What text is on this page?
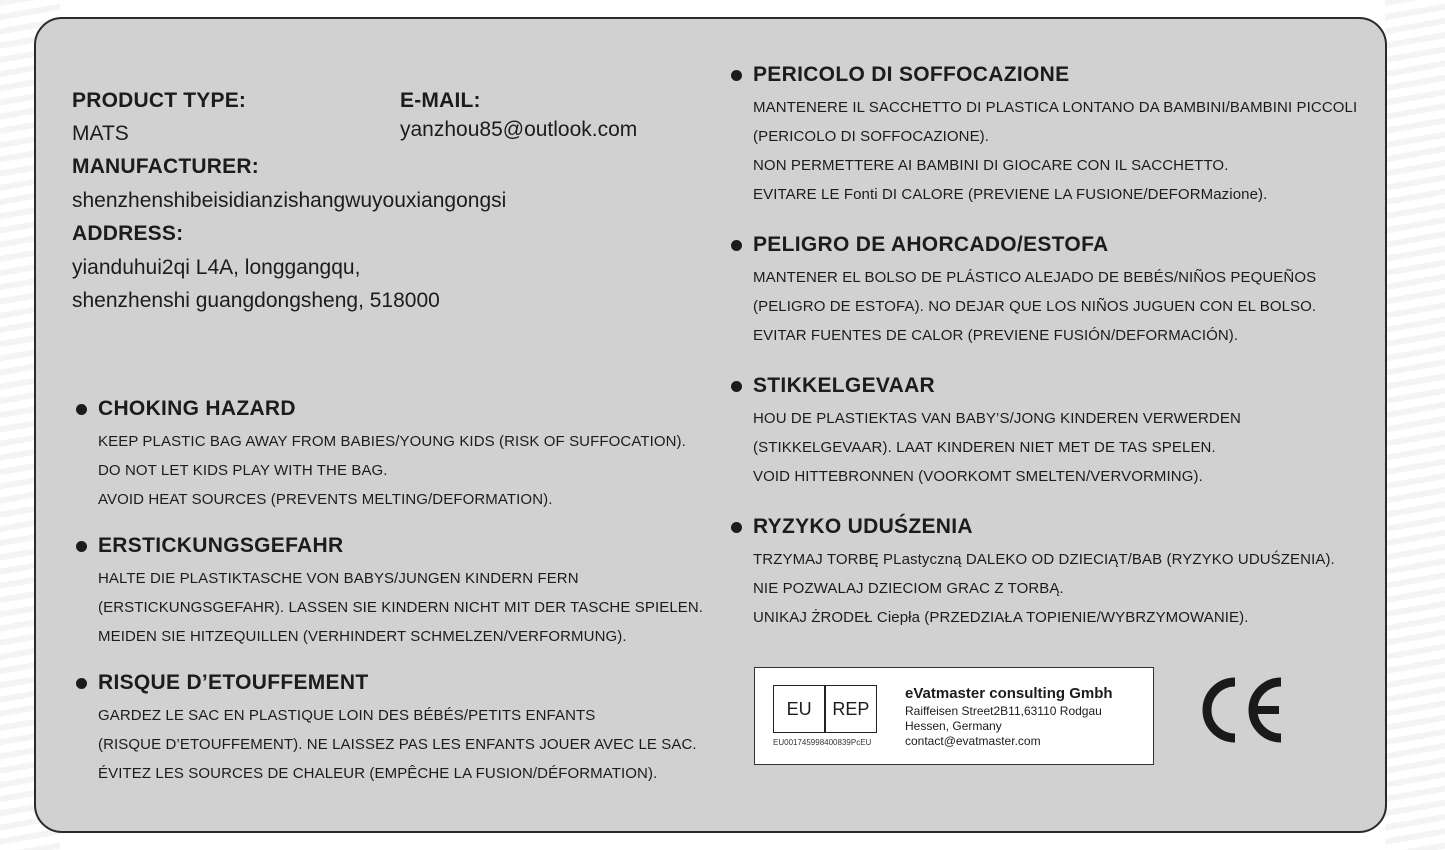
PRODUCT TYPE:
MATS
E-MAIL:
yanzhou85@outlook.com
MANUFACTURER:
shenzhenshibeisidianzishangwuyouxiangongsi
ADDRESS:
yianduhui2qi L4A, longgangqu,
shenzhenshi guangdongsheng, 518000
CHOKING HAZARD
KEEP PLASTIC BAG AWAY FROM BABIES/YOUNG KIDS (RISK OF SUFFOCATION).
DO NOT LET KIDS PLAY WITH THE BAG.
AVOID HEAT SOURCES (PREVENTS MELTING/DEFORMATION).
ERSTICKUNGSGEFAHR
HALTE DIE PLASTIKTASCHE VON BABYS/JUNGEN KINDERN FERN
(ERSTICKUNGSGEFAHR). LASSEN SIE KINDERN NICHT MIT DER TASCHE SPIELEN.
MEIDEN SIE HITZEQUILLEN (VERHINDERT SCHMELZEN/VERFORMUNG).
RISQUE D’ETOUFFEMENT
GARDEZ LE SAC EN PLASTIQUE LOIN DES BÉBÉS/PETITS ENFANTS
(RISQUE D’ETOUFFEMENT). NE LAISSEZ PAS LES ENFANTS JOUER AVEC LE SAC.
ÉVITEZ LES SOURCES DE CHALEUR (EMPÊCHE LA FUSION/DÉFORMATION).
PERICOLO DI SOFFOCAZIONE
MANTENERE IL SACCHETTO DI PLASTICA LONTANO DA BAMBINI/BAMBINI PICCOLI
(PERICOLO DI SOFFOCAZIONE).
NON PERMETTERE AI BAMBINI DI GIOCARE CON IL SACCHETTO.
EVITARE LE Fonti DI CALORE (PREVIENE LA FUSIONE/DEFORMazione).
PELIGRO DE AHORCADO/ESTOFA
MANTENER EL BOLSO DE PLÁSTICO ALEJADO DE BEBÉS/NIÑOS PEQUEÑOS
(PELIGRO DE ESTOFA). NO DEJAR QUE LOS NIÑOS JUGUEN CON EL BOLSO.
EVITAR FUENTES DE CALOR (PREVIENE FUSIÓN/DEFORMACIÓN).
STIKKELGEVAAR
HOU DE PLASTIEKTAS VAN BABY’S/JONG KINDEREN VERWERDEN
(STIKKELGEVAAR). LAAT KINDEREN NIET MET DE TAS SPELEN.
VOID HITTEBRONNEN (VOORKOMT SMELTEN/VERVORMING).
RYZYKO UDUŚZENIA
TRZYMAJ TORBĘ PLastyczną DALEKO OD DZIECIĄT/BAB (RYZYKO UDUŚZENIA).
NIE POZWALAJ DZIECIOM GRAC Z TORBĄ.
UNIKAJ ŻRODEŁ Ciepła (PRZEDZIAŁA TOPIENIE/WYBRZYMOWANIE).
EU	REP
EU001745998400839PcEU
eVatmaster consulting Gmbh
Raiffeisen Street2B11,63110 Rodgau
Hessen, Germany
contact@evatmaster.com
